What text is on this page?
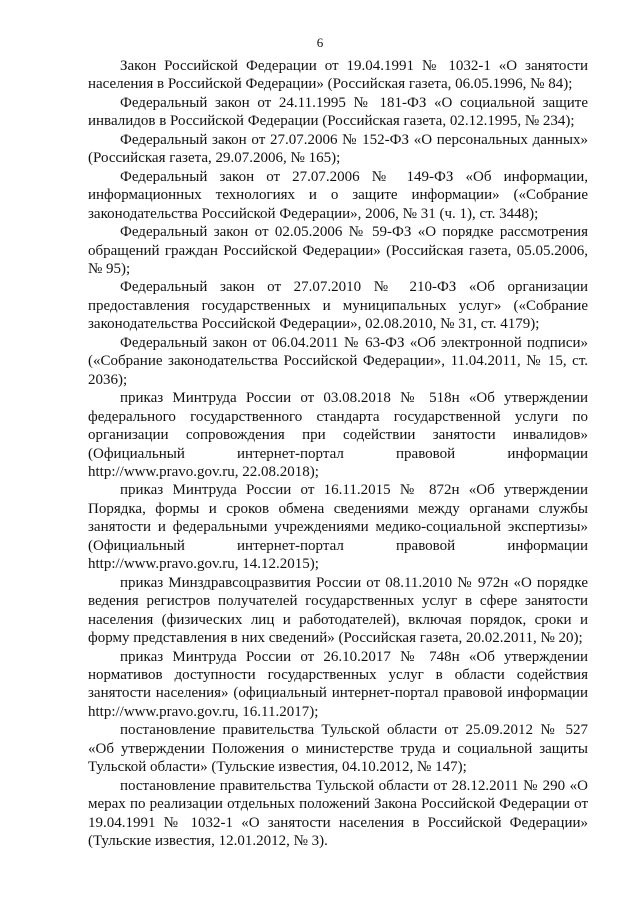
6

Закон Российской Федерации от 19.04.1991 № 1032-1 «О занятости населения в Российской Федерации» (Российская газета, 06.05.1996, № 84);

Федеральный закон от 24.11.1995 № 181-ФЗ «О социальной защите инвалидов в Российской Федерации (Российская газета, 02.12.1995, № 234);

Федеральный закон от 27.07.2006 № 152-ФЗ «О персональных данных» (Российская газета, 29.07.2006, № 165);

Федеральный закон от 27.07.2006 № 149-ФЗ «Об информации, информационных технологиях и о защите информации» («Собрание законодательства Российской Федерации», 2006, № 31 (ч. 1), ст. 3448);

Федеральный закон от 02.05.2006 № 59-ФЗ «О порядке рассмотрения обращений граждан Российской Федерации» (Российская газета, 05.05.2006, № 95);

Федеральный закон от 27.07.2010 № 210-ФЗ «Об организации предоставления государственных и муниципальных услуг» («Собрание законодательства Российской Федерации», 02.08.2010, № 31, ст. 4179);

Федеральный закон от 06.04.2011 № 63-ФЗ «Об электронной подписи» («Собрание законодательства Российской Федерации», 11.04.2011, № 15, ст. 2036);

приказ Минтруда России от 03.08.2018 № 518н «Об утверждении федерального государственного стандарта государственной услуги по организации сопровождения при содействии занятости инвалидов» (Официальный интернет-портал правовой информации http://www.pravo.gov.ru, 22.08.2018);

приказ Минтруда России от 16.11.2015 № 872н «Об утверждении Порядка, формы и сроков обмена сведениями между органами службы занятости и федеральными учреждениями медико-социальной экспертизы» (Официальный интернет-портал правовой информации http://www.pravo.gov.ru, 14.12.2015);

приказ Минздравсоцразвития России от 08.11.2010 № 972н «О порядке ведения регистров получателей государственных услуг в сфере занятости населения (физических лиц и работодателей), включая порядок, сроки и форму представления в них сведений» (Российская газета, 20.02.2011, № 20);

приказ Минтруда России от 26.10.2017 № 748н «Об утверждении нормативов доступности государственных услуг в области содействия занятости населения» (официальный интернет-портал правовой информации http://www.pravo.gov.ru, 16.11.2017);

постановление правительства Тульской области от 25.09.2012 № 527 «Об утверждении Положения о министерстве труда и социальной защиты Тульской области» (Тульские известия, 04.10.2012, № 147);

постановление правительства Тульской области от 28.12.2011 № 290 «О мерах по реализации отдельных положений Закона Российской Федерации от 19.04.1991 № 1032-1 «О занятости населения в Российской Федерации» (Тульские известия, 12.01.2012, № 3).
